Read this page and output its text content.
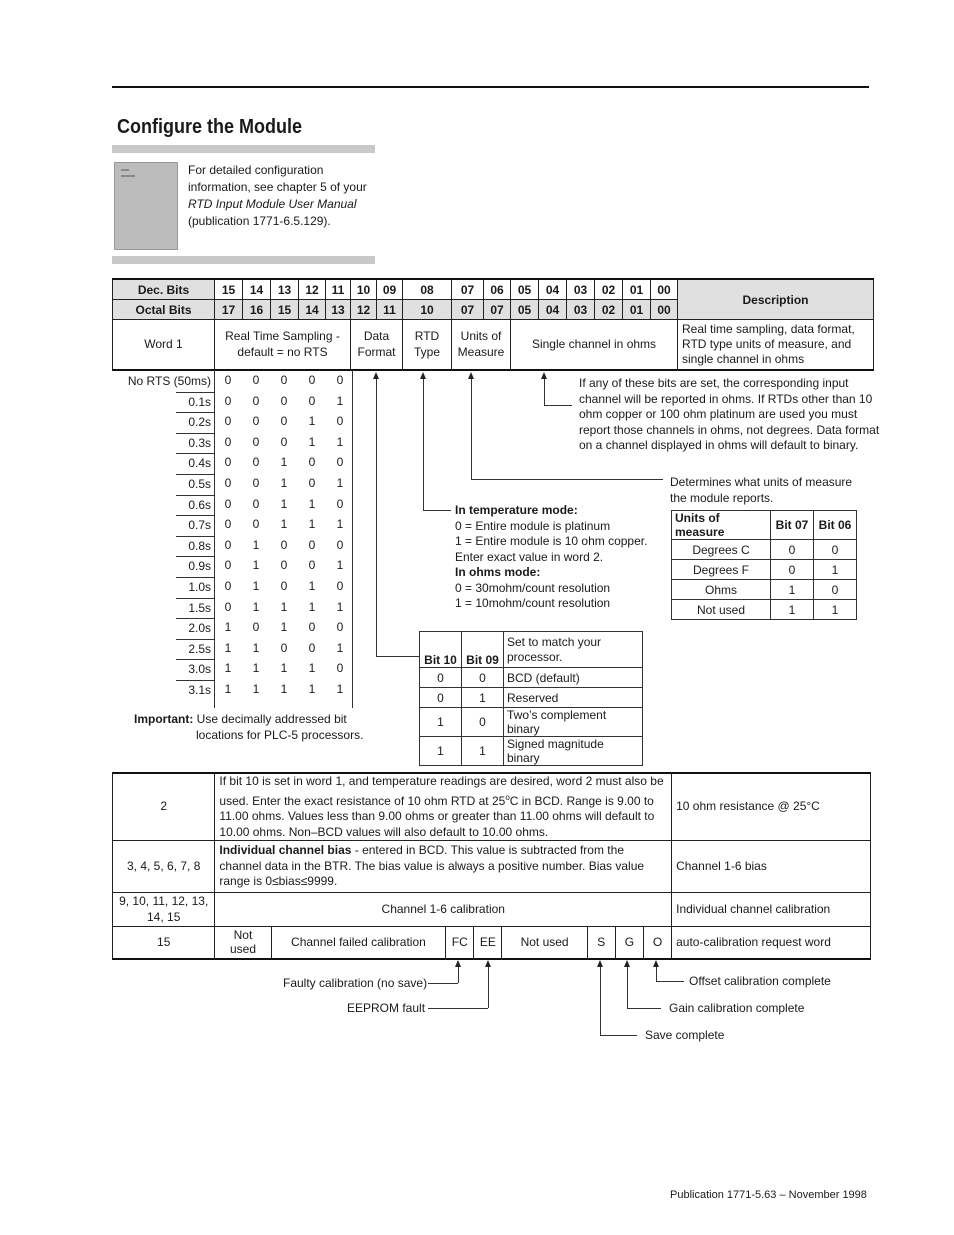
Configure the Module
For detailed configuration
information, see chapter 5 of your
RTD Input Module User Manual
(publication 1771-6.5.129).
Dec. Bits	15	14	13	12	11	10	09	08	07	06	05	04	03	02	01	00	Description
Octal Bits	17	16	15	14	13	12	11	10	07	07	05	04	03	02	01	00	
Word 1	Real Time Sampling - default = no RTS					Data Format		RTD Type	Units of Measure		Single channel in ohms						Real time sampling, data format, RTD type units of measure, and single channel in ohms
No RTS (50ms)	0	0	0	0	0
0.1s	0	0	0	0	1
0.2s	0	0	0	1	0
0.3s	0	0	0	1	1
0.4s	0	0	1	0	0
0.5s	0	0	1	0	1
0.6s	0	0	1	1	0
0.7s	0	0	1	1	1
0.8s	0	1	0	0	0
0.9s	0	1	0	0	1
1.0s	0	1	0	1	0
1.5s	0	1	1	1	1
2.0s	1	0	1	0	0
2.5s	1	1	0	0	1
3.0s	1	1	1	1	0
3.1s	1	1	1	1	1
Important: Use decimally addressed bit
locations for PLC-5 processors.
If any of these bits are set, the corresponding input
channel will be reported in ohms. If RTDs other than 10
ohm copper or 100 ohm platinum are used you must
report those channels in ohms, not degrees. Data format
on a channel displayed in ohms will default to binary.
Determines what units of measure
the module reports.
Units of measure	Bit 07	Bit 06
Degrees C	0	0
Degrees F	0	1
Ohms	1	0
Not used	1	1
In temperature mode:
0 = Entire module is platinum
1 = Entire module is 10 ohm copper.
Enter exact value in word 2.
In ohms mode:
0 = 30mohm/count resolution
1 = 10mohm/count resolution
Bit 10	Bit 09	Set to match your processor.
0	0	BCD (default)
0	1	Reserved
1	0	Two’s complement binary
1	1	Signed magnitude binary
2	If bit 10 is set in word 1, and temperature readings are desired, word 2 must also be used. Enter the exact resistance of 10 ohm RTD at 25$^o$C in BCD. Range is 9.00 to 11.00 ohms. Values less than 9.00 ohms or greater than 11.00 ohms will default to 10.00 ohms. Non–BCD values will also default to 10.00 ohms.								10 ohm resistance @ 25°C
3, 4, 5, 6, 7, 8	Individual channel bias - entered in BCD. This value is subtracted from the channel data in the BTR. The bias value is always a positive number. Bias value range is 0≤bias≤9999.								Channel 1-6 bias
9, 10, 11, 12, 13, 14, 15	Channel 1-6 calibration								Individual channel calibration
15	Not used	Channel failed calibration	FC	EE	Not used	S	G	O	auto-calibration request word
Faulty calibration (no save)
EEPROM fault
Offset calibration complete
Gain calibration complete
Save complete
Publication 1771-5.63 – November 1998
